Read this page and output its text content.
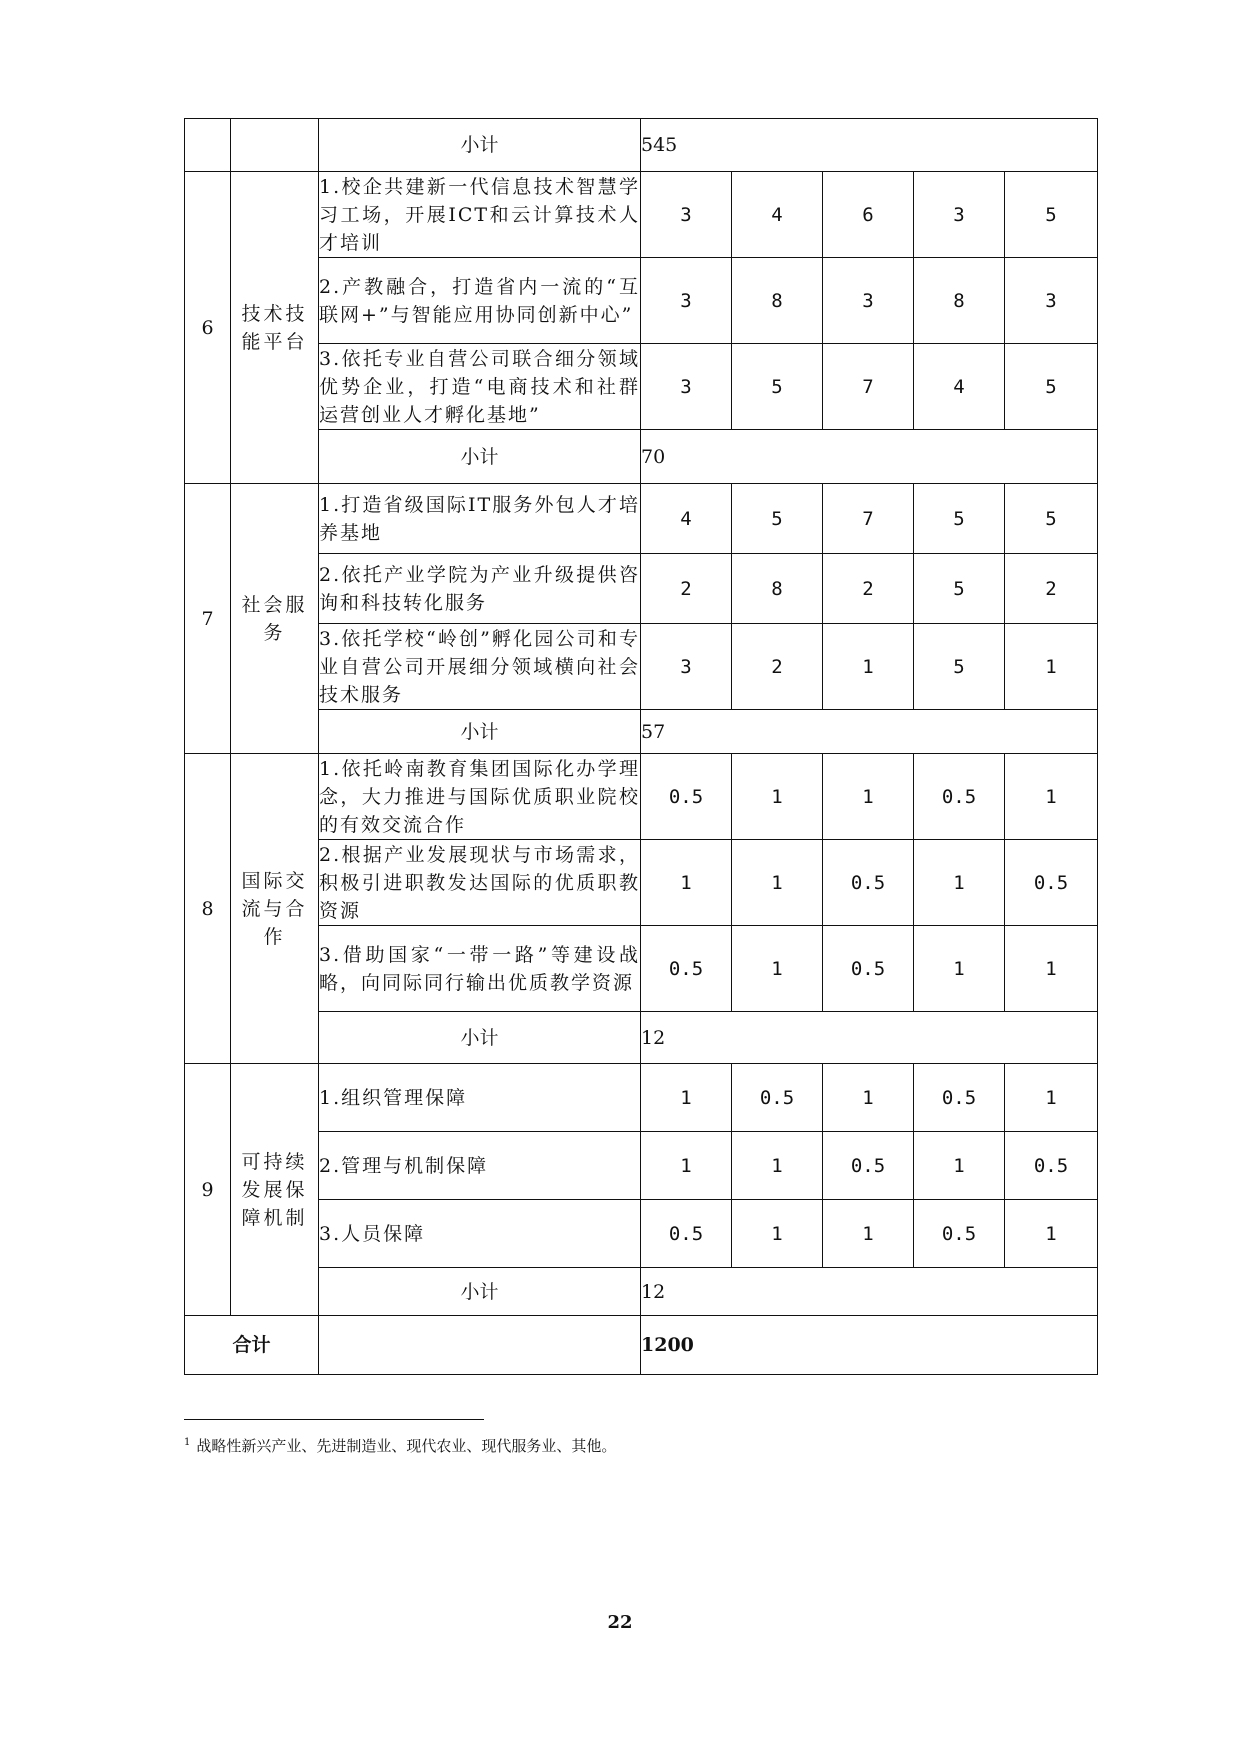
		小计	545				
6	技术技能平台	1.校企共建新一代信息技术智慧学习工场，开展ICT和云计算技术人才培训	3	4	6	3	5
		2.产教融合，打造省内一流的“互联网+”与智能应用协同创新中心”	3	8	3	8	3
		3.依托专业自营公司联合细分领域优势企业，打造“电商技术和社群运营创业人才孵化基地”	3	5	7	4	5
		小计	70				
7	社会服务	1.打造省级国际IT服务外包人才培养基地	4	5	7	5	5
		2.依托产业学院为产业升级提供咨询和科技转化服务	2	8	2	5	2
		3.依托学校“岭创”孵化园公司和专业自营公司开展细分领域横向社会技术服务	3	2	1	5	1
		小计	57				
8	国际交流与合作	1.依托岭南教育集团国际化办学理念，大力推进与国际优质职业院校的有效交流合作	0.5	1	1	0.5	1
		2.根据产业发展现状与市场需求，积极引进职教发达国际的优质职教资源	1	1	0.5	1	0.5
		3.借助国家“一带一路”等建设战略，向同际同行输出优质教学资源	0.5	1	0.5	1	1
		小计	12				
9	可持续发展保障机制	1.组织管理保障	1	0.5	1	0.5	1
		2.管理与机制保障	1	1	0.5	1	0.5
		3.人员保障	0.5	1	1	0.5	1
		小计	12				
合计			1200				
$^1$ 战略性新兴产业、先进制造业、现代农业、现代服务业、其他。
22
